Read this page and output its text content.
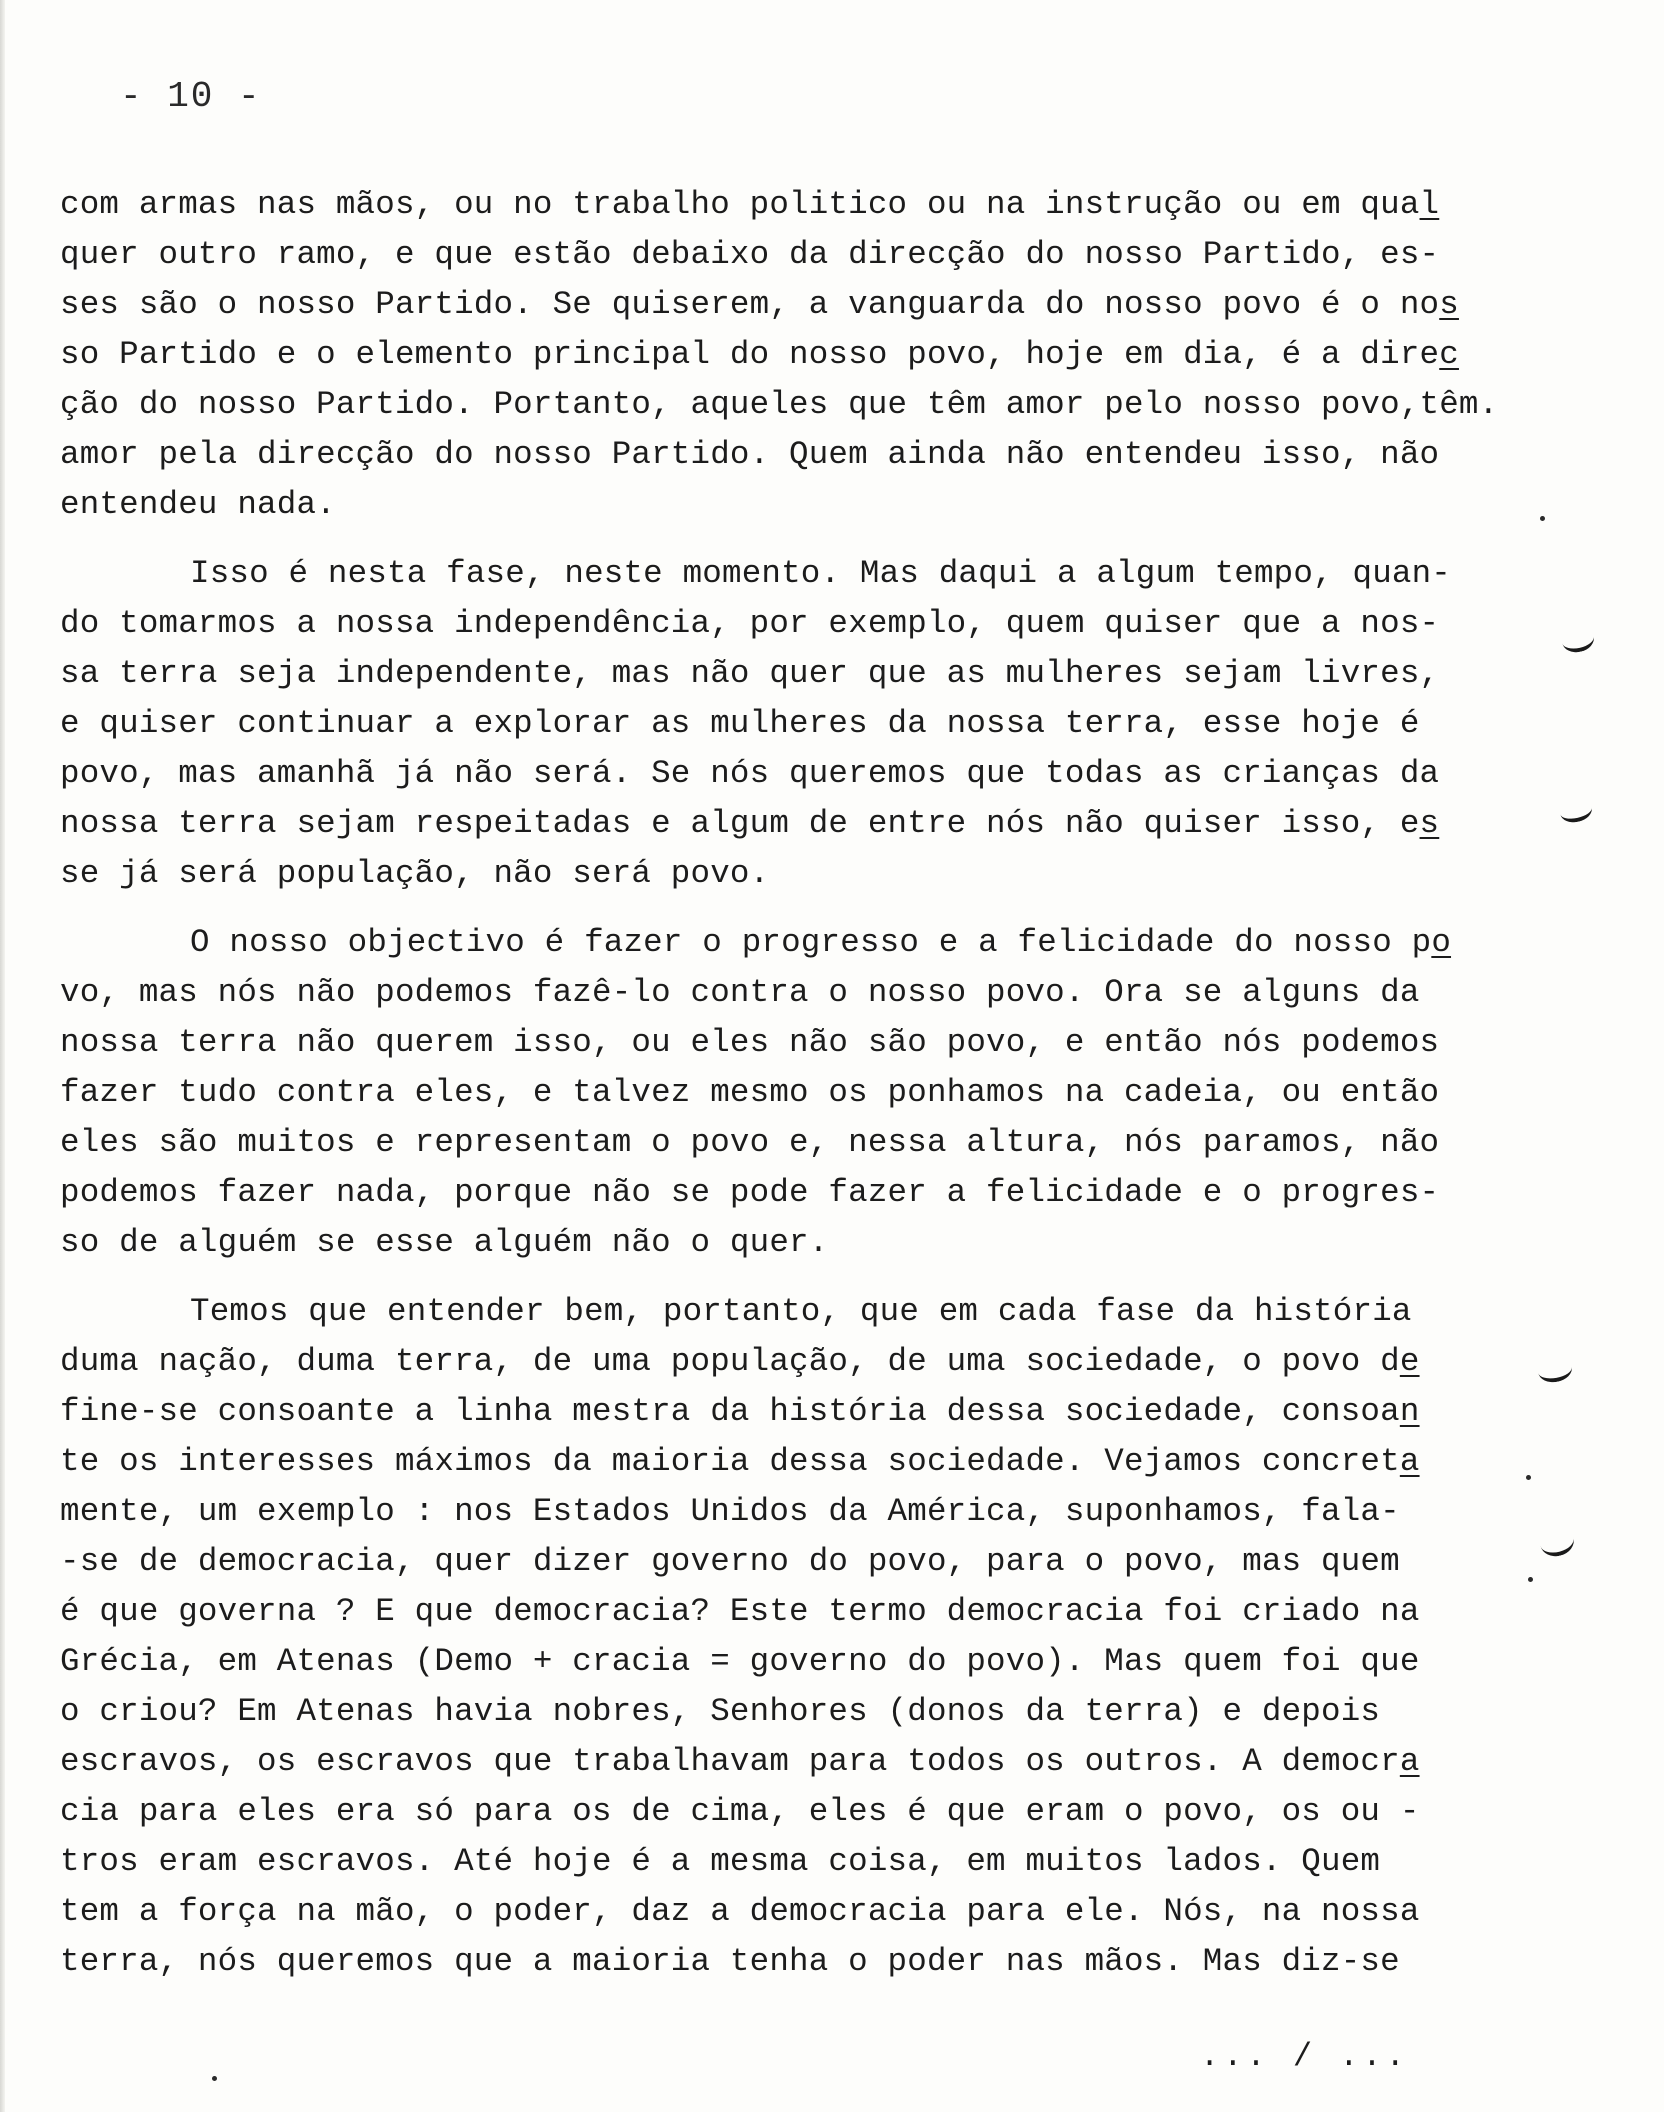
- 10 -
com armas nas mãos, ou no trabalho politico ou na instrução ou em qual
quer outro ramo, e que estão debaixo da direcção do nosso Partido, es-
ses são o nosso Partido. Se quiserem, a vanguarda do nosso povo é o nos
so Partido e o elemento principal do nosso povo, hoje em dia, é a direc
ção do nosso Partido. Portanto, aqueles que têm amor pelo nosso povo,têm.
amor pela direcção do nosso Partido. Quem ainda não entendeu isso, não
entendeu nada.
Isso é nesta fase, neste momento. Mas daqui a algum tempo, quan-
do tomarmos a nossa independência, por exemplo, quem quiser que a nos-
sa terra seja independente, mas não quer que as mulheres sejam livres,
e quiser continuar a explorar as mulheres da nossa terra, esse hoje é
povo, mas amanhã já não será. Se nós queremos que todas as crianças da
nossa terra sejam respeitadas e algum de entre nós não quiser isso, es
se já será população, não será povo.
O nosso objectivo é fazer o progresso e a felicidade do nosso po
vo, mas nós não podemos fazê-lo contra o nosso povo. Ora se alguns da
nossa terra não querem isso, ou eles não são povo, e então nós podemos
fazer tudo contra eles, e talvez mesmo os ponhamos na cadeia, ou então
eles são muitos e representam o povo e, nessa altura, nós paramos, não
podemos fazer nada, porque não se pode fazer a felicidade e o progres-
so de alguém se esse alguém não o quer.
Temos que entender bem, portanto, que em cada fase da história
duma nação, duma terra, de uma população, de uma sociedade, o povo de
fine-se consoante a linha mestra da história dessa sociedade, consoan
te os interesses máximos da maioria dessa sociedade. Vejamos concreta
mente, um exemplo : nos Estados Unidos da América, suponhamos, fala-
-se de democracia, quer dizer governo do povo, para o povo, mas quem
é que governa ? E que democracia? Este termo democracia foi criado na
Grécia, em Atenas (Demo + cracia = governo do povo). Mas quem foi que
o criou? Em Atenas havia nobres, Senhores (donos da terra) e depois
escravos, os escravos que trabalhavam para todos os outros. A democra
cia para eles era só para os de cima, eles é que eram o povo, os ou -
tros eram escravos. Até hoje é a mesma coisa, em muitos lados. Quem
tem a força na mão, o poder, daz a democracia para ele. Nós, na nossa
terra, nós queremos que a maioria tenha o poder nas mãos. Mas diz-se
... / ...
